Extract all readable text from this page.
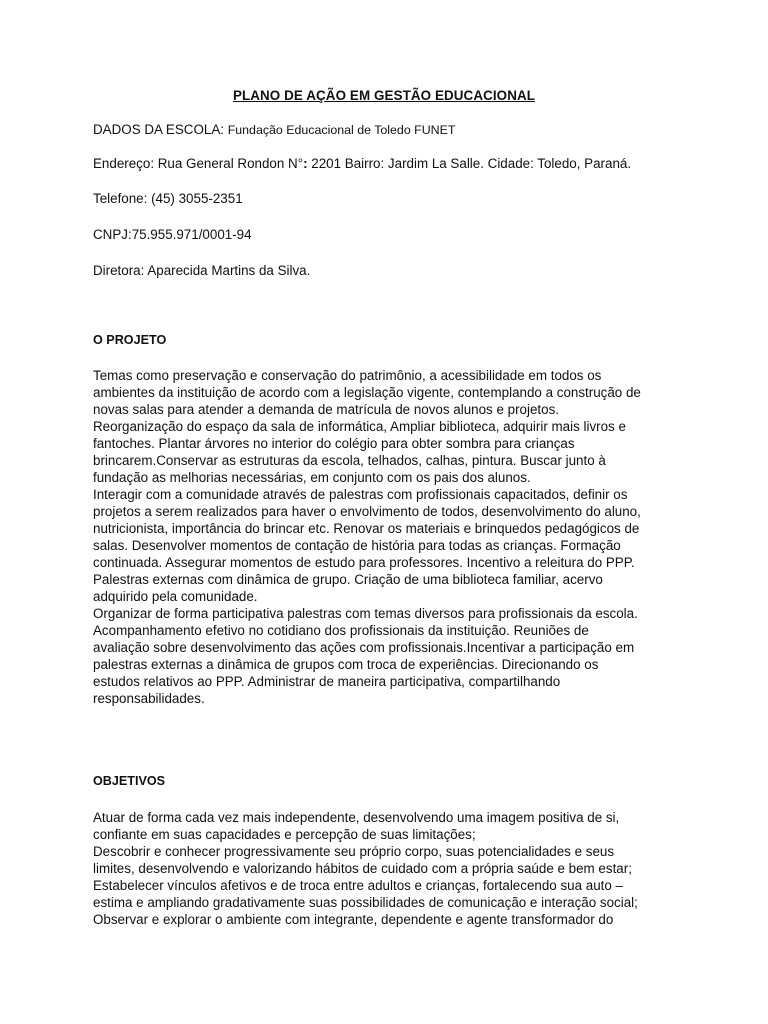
PLANO DE AÇÃO EM GESTÃO EDUCACIONAL
DADOS DA ESCOLA: Fundação Educacional de Toledo FUNET
Endereço: Rua General Rondon N°: 2201 Bairro: Jardim La Salle. Cidade: Toledo, Paraná.
Telefone: (45) 3055-2351
CNPJ:75.955.971/0001-94
Diretora: Aparecida Martins da Silva.
O PROJETO
Temas como preservação e conservação do patrimônio, a acessibilidade em todos os
ambientes da instituição de acordo com a legislação vigente, contemplando a construção de
novas salas para atender a demanda de matrícula de novos alunos e projetos.
Reorganização do espaço da sala de informática, Ampliar biblioteca, adquirir mais livros e
fantoches. Plantar árvores no interior do colégio para obter sombra para crianças
brincarem.Conservar as estruturas da escola, telhados, calhas, pintura. Buscar junto à
fundação as melhorias necessárias, em conjunto com os pais dos alunos.
Interagir com a comunidade através de palestras com profissionais capacitados, definir os
projetos a serem realizados para haver o envolvimento de todos, desenvolvimento do aluno,
nutricionista, importância do brincar etc. Renovar os materiais e brinquedos pedagógicos de
salas. Desenvolver momentos de contação de história para todas as crianças. Formação
continuada. Assegurar momentos de estudo para professores. Incentivo a releitura do PPP.
Palestras externas com dinâmica de grupo. Criação de uma biblioteca familiar, acervo
adquirido pela comunidade.
Organizar de forma participativa palestras com temas diversos para profissionais da escola.
Acompanhamento efetivo no cotidiano dos profissionais da instituição. Reuniões de
avaliação sobre desenvolvimento das ações com profissionais.Incentivar a participação em
palestras externas a dinâmica de grupos com troca de experiências. Direcionando os
estudos relativos ao PPP. Administrar de maneira participativa, compartilhando
responsabilidades.
OBJETIVOS
Atuar de forma cada vez mais independente, desenvolvendo uma imagem positiva de si,
confiante em suas capacidades e percepção de suas limitações;
Descobrir e conhecer progressivamente seu próprio corpo, suas potencialidades e seus
limites, desenvolvendo e valorizando hábitos de cuidado com a própria saúde e bem estar;
Estabelecer vínculos afetivos e de troca entre adultos e crianças, fortalecendo sua auto –
estima e ampliando gradativamente suas possibilidades de comunicação e interação social;
Observar e explorar o ambiente com integrante, dependente e agente transformador do
